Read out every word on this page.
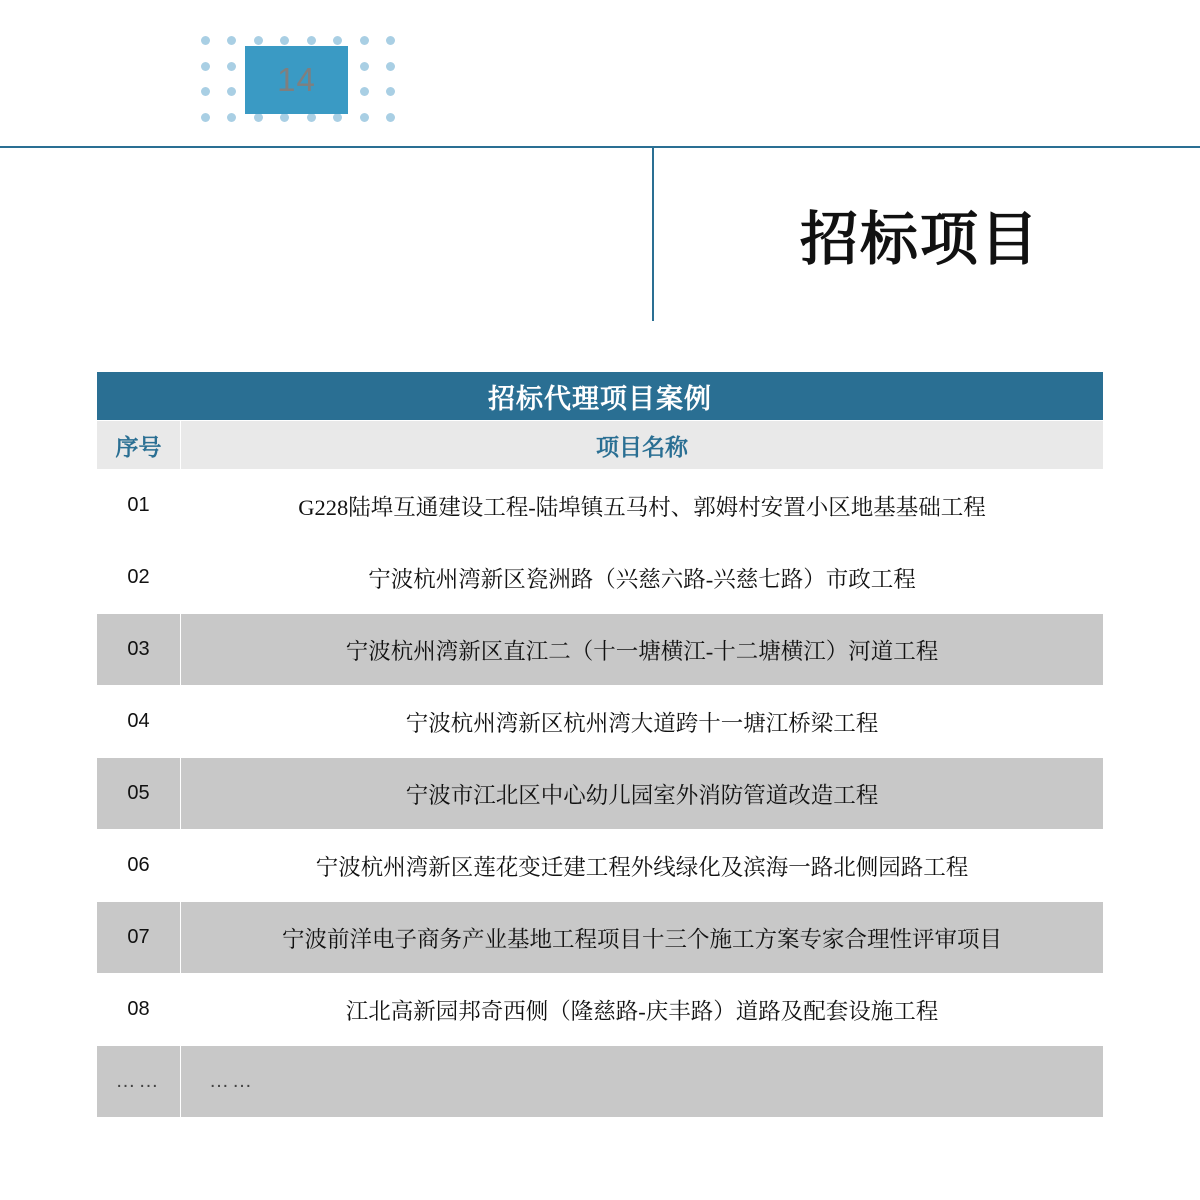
14
招标项目
招标代理项目案例	
序号	项目名称
01	G228陆埠互通建设工程-陆埠镇五马村、郭姆村安置小区地基基础工程
02	宁波杭州湾新区瓷洲路（兴慈六路-兴慈七路）市政工程
03	宁波杭州湾新区直江二（十一塘横江-十二塘横江）河道工程
04	宁波杭州湾新区杭州湾大道跨十一塘江桥梁工程
05	宁波市江北区中心幼儿园室外消防管道改造工程
06	宁波杭州湾新区莲花变迁建工程外线绿化及滨海一路北侧园路工程
07	宁波前洋电子商务产业基地工程项目十三个施工方案专家合理性评审项目
08	江北高新园邦奇西侧（隆慈路-庆丰路）道路及配套设施工程
……	……
